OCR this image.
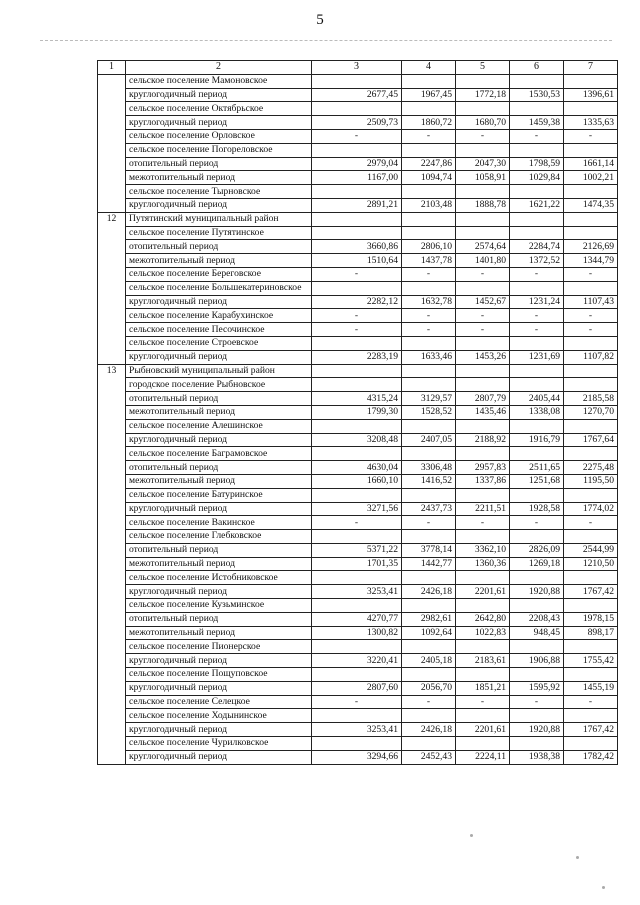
5
1	2	3	4	5	6	7
	сельское поселение Мамоновское					
	круглогодичный период	2677,45	1967,45	1772,18	1530,53	1396,61
	сельское поселение Октябрьское					
	круглогодичный период	2509,73	1860,72	1680,70	1459,38	1335,63
	сельское поселение Орловское	-	-	-	-	-
	сельское поселение Погореловское					
	отопительный период	2979,04	2247,86	2047,30	1798,59	1661,14
	межотопительный период	1167,00	1094,74	1058,91	1029,84	1002,21
	сельское поселение Тырновское					
	круглогодичный период	2891,21	2103,48	1888,78	1621,22	1474,35
12	Путятинский муниципальный район					
	сельское поселение Путятинское					
	отопительный период	3660,86	2806,10	2574,64	2284,74	2126,69
	межотопительный период	1510,64	1437,78	1401,80	1372,52	1344,79
	сельское поселение Береговское	-	-	-	-	-
	сельское поселение Большекатериновское					
	круглогодичный период	2282,12	1632,78	1452,67	1231,24	1107,43
	сельское поселение Карабухинское	-	-	-	-	-
	сельское поселение Песочинское	-	-	-	-	-
	сельское поселение Строевское					
	круглогодичный период	2283,19	1633,46	1453,26	1231,69	1107,82
13	Рыбновский муниципальный район					
	городское поселение Рыбновское					
	отопительный период	4315,24	3129,57	2807,79	2405,44	2185,58
	межотопительный период	1799,30	1528,52	1435,46	1338,08	1270,70
	сельское поселение Алешинское					
	круглогодичный период	3208,48	2407,05	2188,92	1916,79	1767,64
	сельское поселение Баграмовское					
	отопительный период	4630,04	3306,48	2957,83	2511,65	2275,48
	межотопительный период	1660,10	1416,52	1337,86	1251,68	1195,50
	сельское поселение Батуринское					
	круглогодичный период	3271,56	2437,73	2211,51	1928,58	1774,02
	сельское поселение Вакинское	-	-	-	-	-
	сельское поселение Глебковское					
	отопительный период	5371,22	3778,14	3362,10	2826,09	2544,99
	межотопительный период	1701,35	1442,77	1360,36	1269,18	1210,50
	сельское поселение Истобниковское					
	круглогодичный период	3253,41	2426,18	2201,61	1920,88	1767,42
	сельское поселение Кузьминское					
	отопительный период	4270,77	2982,61	2642,80	2208,43	1978,15
	межотопительный период	1300,82	1092,64	1022,83	948,45	898,17
	сельское поселение Пионерское					
	круглогодичный период	3220,41	2405,18	2183,61	1906,88	1755,42
	сельское поселение Пощуповское					
	круглогодичный период	2807,60	2056,70	1851,21	1595,92	1455,19
	сельское поселение Селецкое	-	-	-	-	-
	сельское поселение Ходынинское					
	круглогодичный период	3253,41	2426,18	2201,61	1920,88	1767,42
	сельское поселение Чурилковское					
	круглогодичный период	3294,66	2452,43	2224,11	1938,38	1782,42
